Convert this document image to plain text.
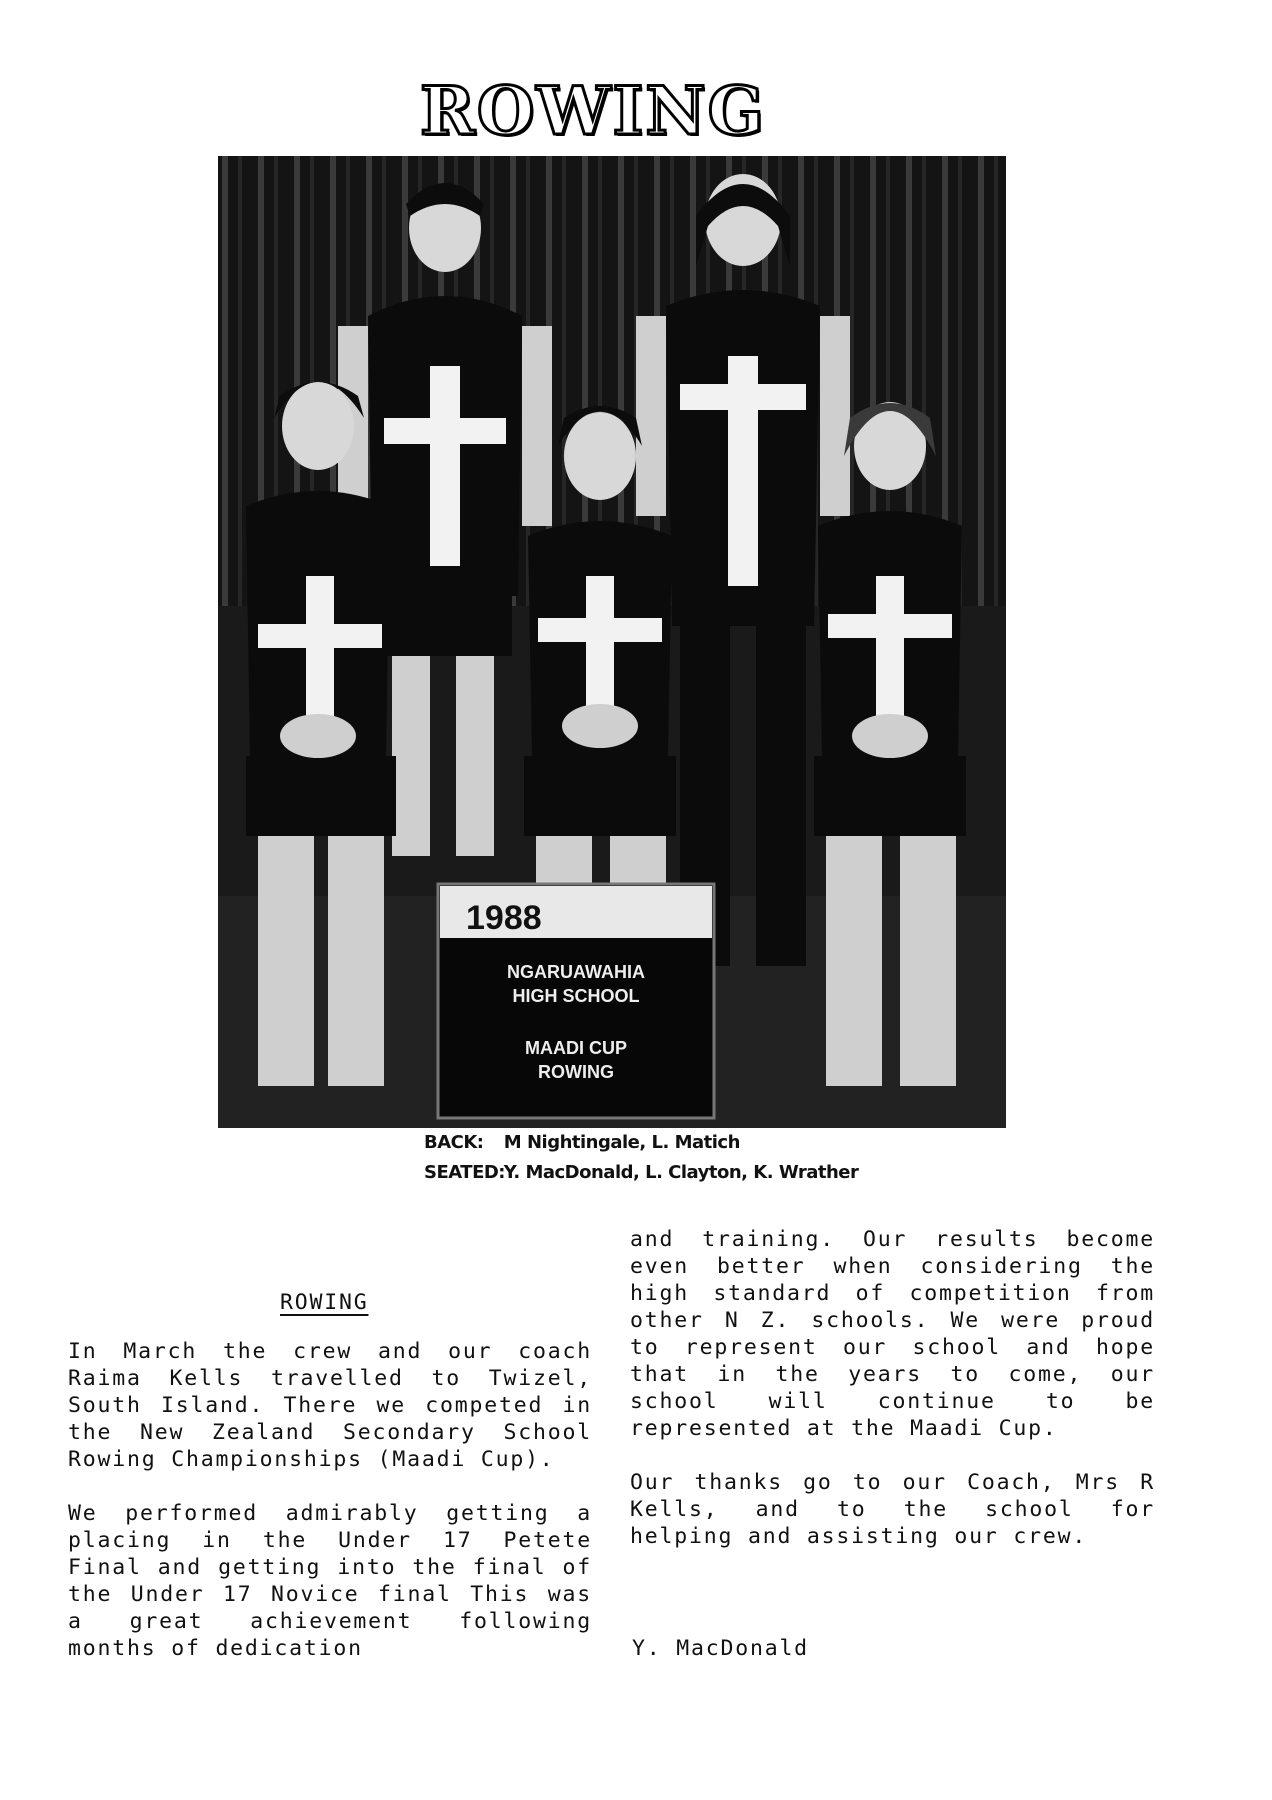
ROWING
1988
NGARUAWAHIA
HIGH SCHOOL
MAADI CUP
ROWING
BACK: M Nightingale, L. Matich
SEATED: Y. MacDonald, L. Clayton, K. Wrather
ROWING

In March the crew and our coach Raima Kells travelled to Twizel, South Island. There we competed in the New Zealand Secondary School Rowing Championships (Maadi Cup).

We performed admirably getting a placing in the Under 17 Petete Final and getting into the final of the Under 17 Novice final This was a great achievement following months of dedication

and training. Our results become even better when considering the high standard of competition from other N Z. schools. We were proud to represent our school and hope that in the years to come, our school will continue to be represented at the Maadi Cup.

Our thanks go to our Coach, Mrs R Kells, and to the school for helping and assisting our crew.

Y. MacDonald
